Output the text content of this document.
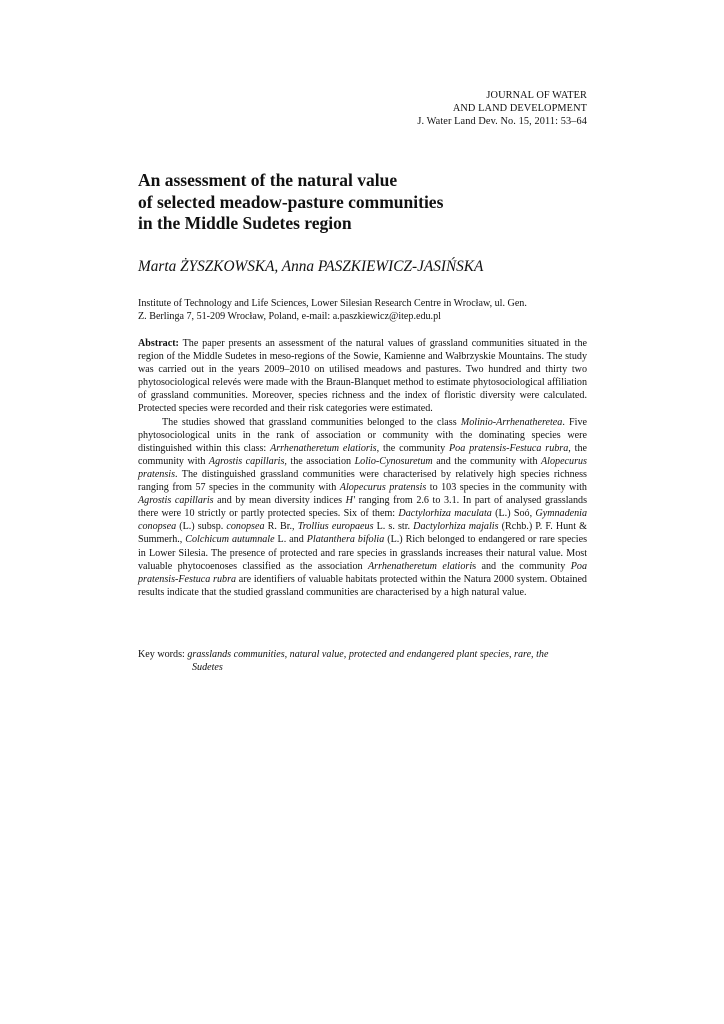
JOURNAL OF WATER
AND LAND DEVELOPMENT
J. Water Land Dev. No. 15, 2011: 53–64
An assessment of the natural value
of selected meadow-pasture communities
in the Middle Sudetes region
Marta ŻYSZKOWSKA, Anna PASZKIEWICZ-JASIŃSKA
Institute of Technology and Life Sciences, Lower Silesian Research Centre in Wrocław, ul. Gen.
Z. Berlinga 7, 51-209 Wrocław, Poland, e-mail: a.paszkiewicz@itep.edu.pl

Abstract: The paper presents an assessment of the natural values of grassland communities situated in the region of the Middle Sudetes in meso-regions of the Sowie, Kamienne and Wałbrzyskie Mountains. The study was carried out in the years 2009–2010 on utilised meadows and pastures. Two hundred and thirty two phytosociological relevés were made with the Braun-Blanquet method to estimate phytosociological affiliation of grassland communities. Moreover, species richness and the index of floristic diversity were calculated. Protected species were recorded and their risk categories were estimated.

The studies showed that grassland communities belonged to the class Molinio-Arrhenatheretea. Five phytosociological units in the rank of association or community with the dominating species were distinguished within this class: Arrhenatheretum elatioris, the community Poa pratensis-Festuca rubra, the community with Agrostis capillaris, the association Lolio-Cynosuretum and the community with Alopecurus pratensis. The distinguished grassland communities were characterised by relatively high species richness ranging from 57 species in the community with Alopecurus pratensis to 103 species in the community with Agrostis capillaris and by mean diversity indices H' ranging from 2.6 to 3.1. In part of analysed grasslands there were 10 strictly or partly protected species. Six of them: Dactylorhiza maculata (L.) Soó, Gymnadenia conopsea (L.) subsp. conopsea R. Br., Trollius europaeus L. s. str. Dactylorhiza majalis (Rchb.) P. F. Hunt & Summerh., Colchicum autumnale L. and Platanthera bifolia (L.) Rich belonged to endangered or rare species in Lower Silesia. The presence of protected and rare species in grasslands increases their natural value. Most valuable phytocoenoses classified as the association Arrhenatheretum elatioris and the community Poa pratensis-Festuca rubra are identifiers of valuable habitats protected within the Natura 2000 system. Obtained results indicate that the studied grassland communities are characterised by a high natural value.

Key words: grasslands communities, natural value, protected and endangered plant species, rare, the
Sudetes
